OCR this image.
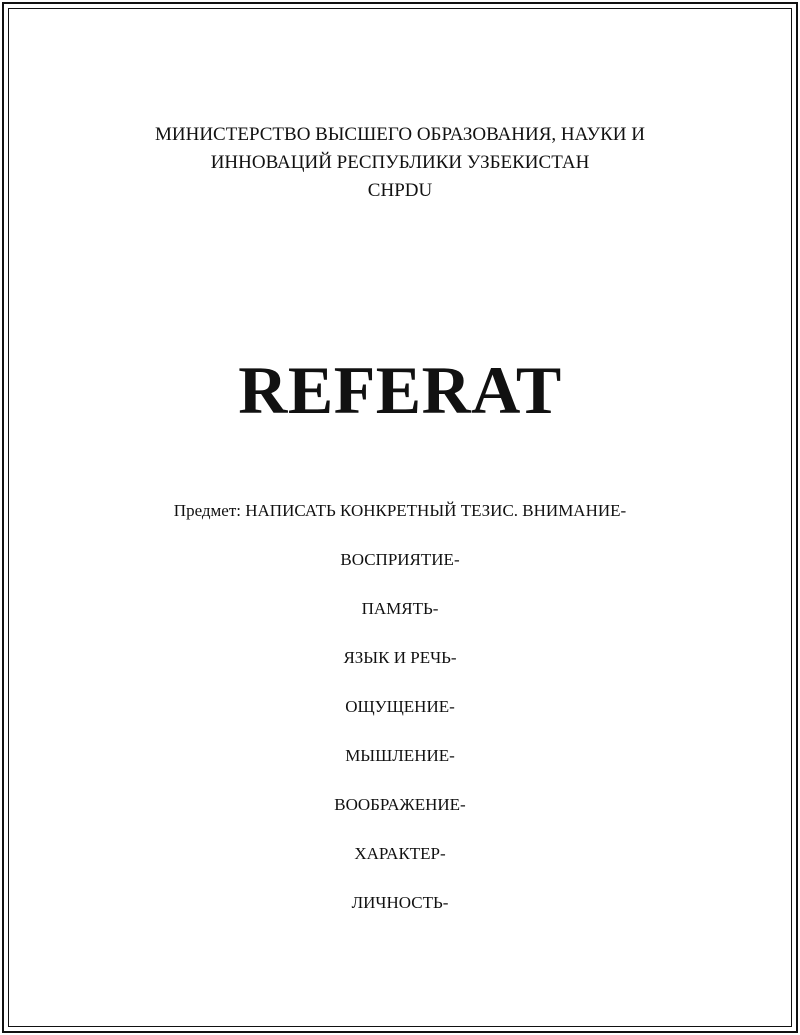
МИНИСТЕРСТВО ВЫСШЕГО ОБРАЗОВАНИЯ, НАУКИ И
ИННОВАЦИЙ РЕСПУБЛИКИ УЗБЕКИСТАН
CHPDU
REFERAT
Предмет: НАПИСАТЬ КОНКРЕТНЫЙ ТЕЗИС. ВНИМАНИЕ-
ВОСПРИЯТИЕ-
ПАМЯТЬ-
ЯЗЫК И РЕЧЬ-
ОЩУЩЕНИЕ-
МЫШЛЕНИЕ-
ВООБРАЖЕНИЕ-
ХАРАКТЕР-
ЛИЧНОСТЬ-
